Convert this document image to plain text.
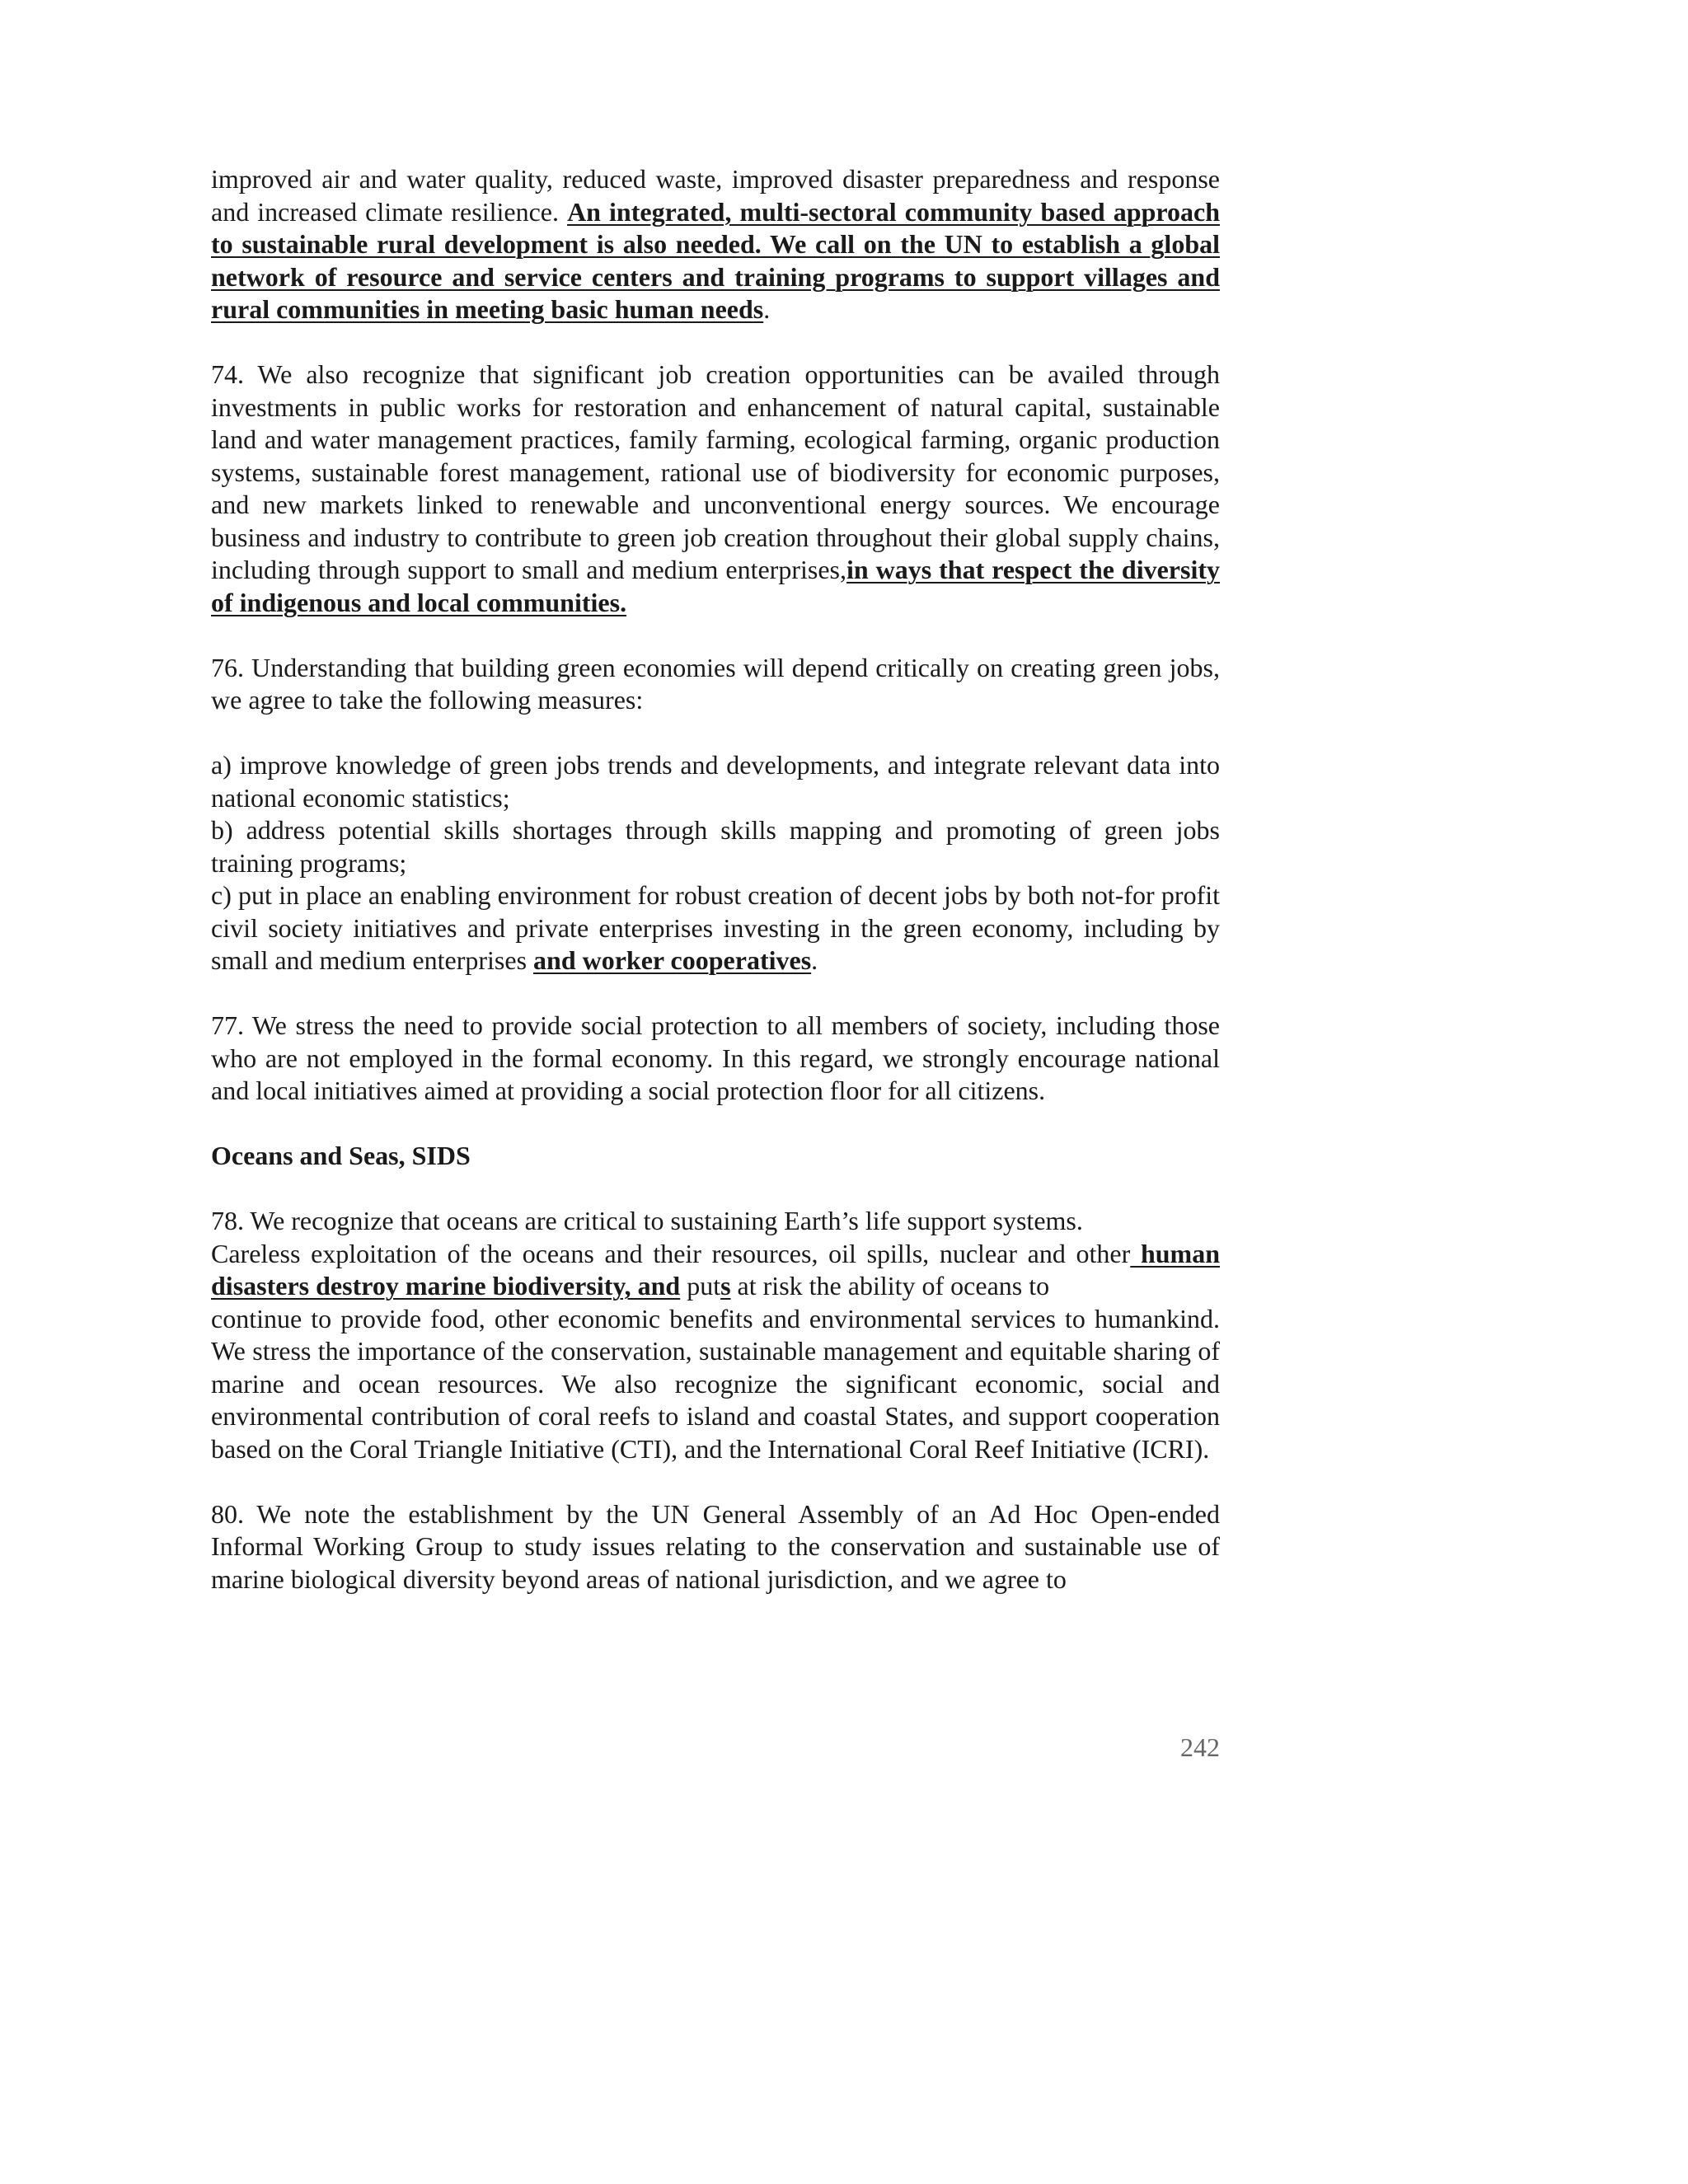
improved air and water quality, reduced waste, improved disaster preparedness and response and increased climate resilience. An integrated, multi-sectoral community based approach to sustainable rural development is also needed. We call on the UN to establish a global network of resource and service centers and training programs to support villages and rural communities in meeting basic human needs.

74. We also recognize that significant job creation opportunities can be availed through investments in public works for restoration and enhancement of natural capital, sustainable land and water management practices, family farming, ecological farming, organic production systems, sustainable forest management, rational use of biodiversity for economic purposes, and new markets linked to renewable and unconventional energy sources. We encourage business and industry to contribute to green job creation throughout their global supply chains, including through support to small and medium enterprises,in ways that respect the diversity of indigenous and local communities.

76. Understanding that building green economies will depend critically on creating green jobs, we agree to take the following measures:

a) improve knowledge of green jobs trends and developments, and integrate relevant data into national economic statistics;

b) address potential skills shortages through skills mapping and promoting of green jobs training programs;

c) put in place an enabling environment for robust creation of decent jobs by both not-for profit civil society initiatives and private enterprises investing in the green economy, including by small and medium enterprises and worker cooperatives.

77. We stress the need to provide social protection to all members of society, including those who are not employed in the formal economy. In this regard, we strongly encourage national and local initiatives aimed at providing a social protection floor for all citizens.

Oceans and Seas, SIDS

78. We recognize that oceans are critical to sustaining Earth’s life support systems.

Careless exploitation of the oceans and their resources, oil spills, nuclear and other human disasters destroy marine biodiversity, and puts at risk the ability of oceans to

continue to provide food, other economic benefits and environmental services to humankind. We stress the importance of the conservation, sustainable management and equitable sharing of marine and ocean resources. We also recognize the significant economic, social and environmental contribution of coral reefs to island and coastal States, and support cooperation based on the Coral Triangle Initiative (CTI), and the International Coral Reef Initiative (ICRI).

80. We note the establishment by the UN General Assembly of an Ad Hoc Open-ended Informal Working Group to study issues relating to the conservation and sustainable use of marine biological diversity beyond areas of national jurisdiction, and we agree to

242
